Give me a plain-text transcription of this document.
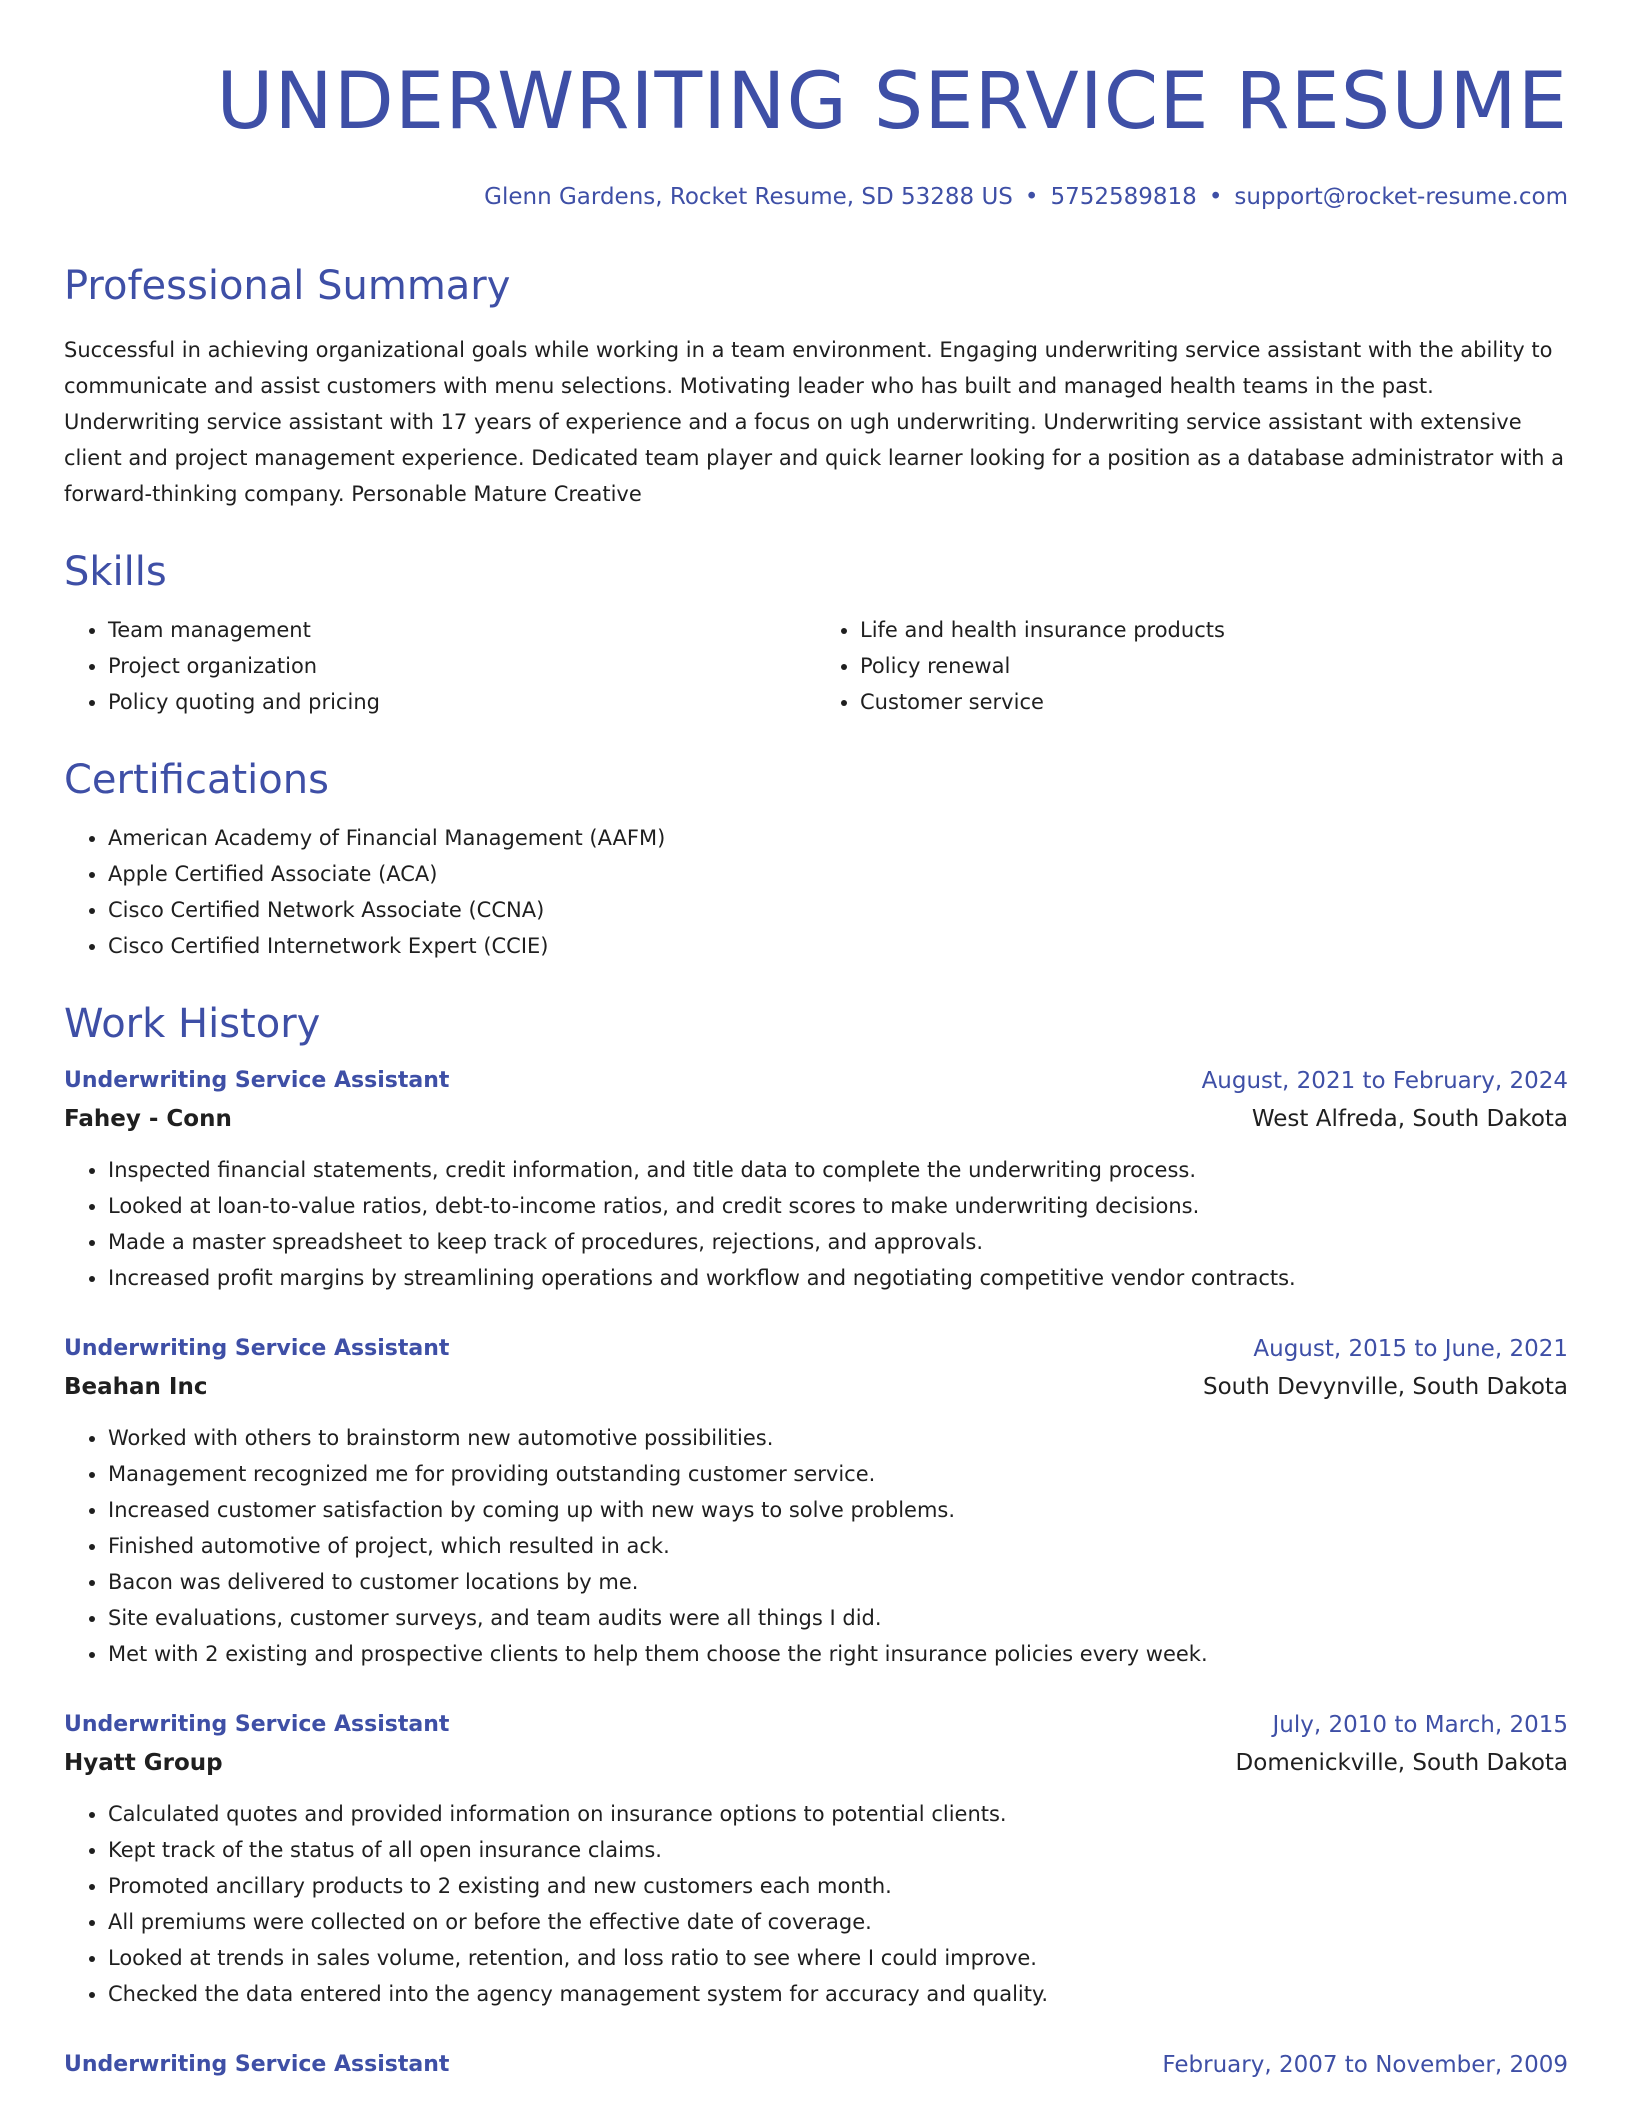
UNDERWRITING SERVICE RESUME
Glenn Gardens, Rocket Resume, SD 53288 US • 5752589818 • support@rocket-resume.com
Professional Summary
Successful in achieving organizational goals while working in a team environment. Engaging underwriting service assistant with the ability to communicate and assist customers with menu selections. Motivating leader who has built and managed health teams in the past. Underwriting service assistant with 17 years of experience and a focus on ugh underwriting. Underwriting service assistant with extensive client and project management experience. Dedicated team player and quick learner looking for a position as a database administrator with a forward-thinking company. Personable Mature Creative
Skills
• Team management
• Project organization
• Policy quoting and pricing
• Life and health insurance products
• Policy renewal
• Customer service
Certifications
• American Academy of Financial Management (AAFM)
• Apple Certified Associate (ACA)
• Cisco Certified Network Associate (CCNA)
• Cisco Certified Internetwork Expert (CCIE)
Work History
Underwriting Service Assistant	August, 2021 to February, 2024
Fahey - Conn	West Alfreda, South Dakota
• Inspected financial statements, credit information, and title data to complete the underwriting process.
• Looked at loan-to-value ratios, debt-to-income ratios, and credit scores to make underwriting decisions.
• Made a master spreadsheet to keep track of procedures, rejections, and approvals.
• Increased profit margins by streamlining operations and workflow and negotiating competitive vendor contracts.
Underwriting Service Assistant	August, 2015 to June, 2021
Beahan Inc	South Devynville, South Dakota
• Worked with others to brainstorm new automotive possibilities.
• Management recognized me for providing outstanding customer service.
• Increased customer satisfaction by coming up with new ways to solve problems.
• Finished automotive of project, which resulted in ack.
• Bacon was delivered to customer locations by me.
• Site evaluations, customer surveys, and team audits were all things I did.
• Met with 2 existing and prospective clients to help them choose the right insurance policies every week.
Underwriting Service Assistant	July, 2010 to March, 2015
Hyatt Group	Domenickville, South Dakota
• Calculated quotes and provided information on insurance options to potential clients.
• Kept track of the status of all open insurance claims.
• Promoted ancillary products to 2 existing and new customers each month.
• All premiums were collected on or before the effective date of coverage.
• Looked at trends in sales volume, retention, and loss ratio to see where I could improve.
• Checked the data entered into the agency management system for accuracy and quality.
Underwriting Service Assistant	February, 2007 to November, 2009
